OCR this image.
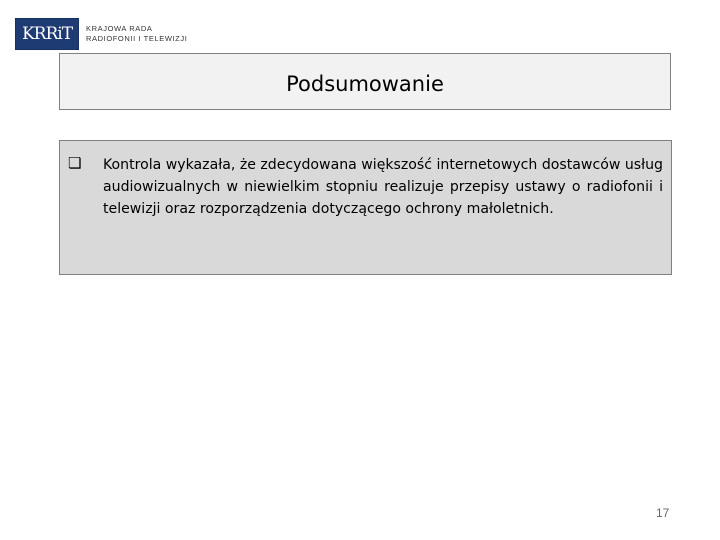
KRRiT	KRAJOWA RADA
RADIOFONII I TELEWIZJI
Podsumowanie
❏ Kontrola wykazała, że zdecydowana większość internetowych dostawców usług audiowizualnych w niewielkim stopniu realizuje przepisy ustawy o radiofonii i telewizji oraz rozporządzenia dotyczącego ochrony małoletnich.
17
